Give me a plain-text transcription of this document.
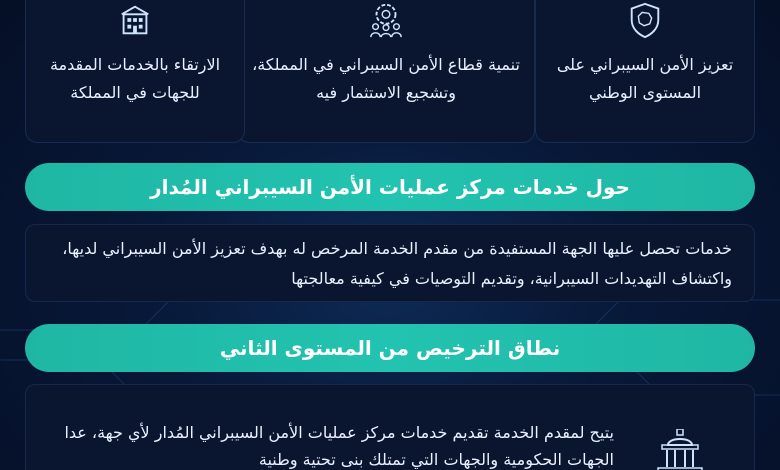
تعزيز الأمن السيبراني على المستوى الوطني
تنمية قطاع الأمن السيبراني في المملكة، وتشجيع الاستثمار فيه
الارتقاء بالخدمات المقدمة للجهات في المملكة
حول خدمات مركز عمليات الأمن السيبراني المُدار

خدمات تحصل عليها الجهة المستفيدة من مقدم الخدمة المرخص له بهدف تعزيز الأمن السيبراني لديها، واكتشاف التهديدات السيبرانية، وتقديم التوصيات في كيفية معالجتها

نطاق الترخيص من المستوى الثاني

يتيح لمقدم الخدمة تقديم خدمات مركز عمليات الأمن السيبراني المُدار لأي جهة، عدا الجهات الحكومية والجهات التي تمتلك بنى تحتية وطنية
